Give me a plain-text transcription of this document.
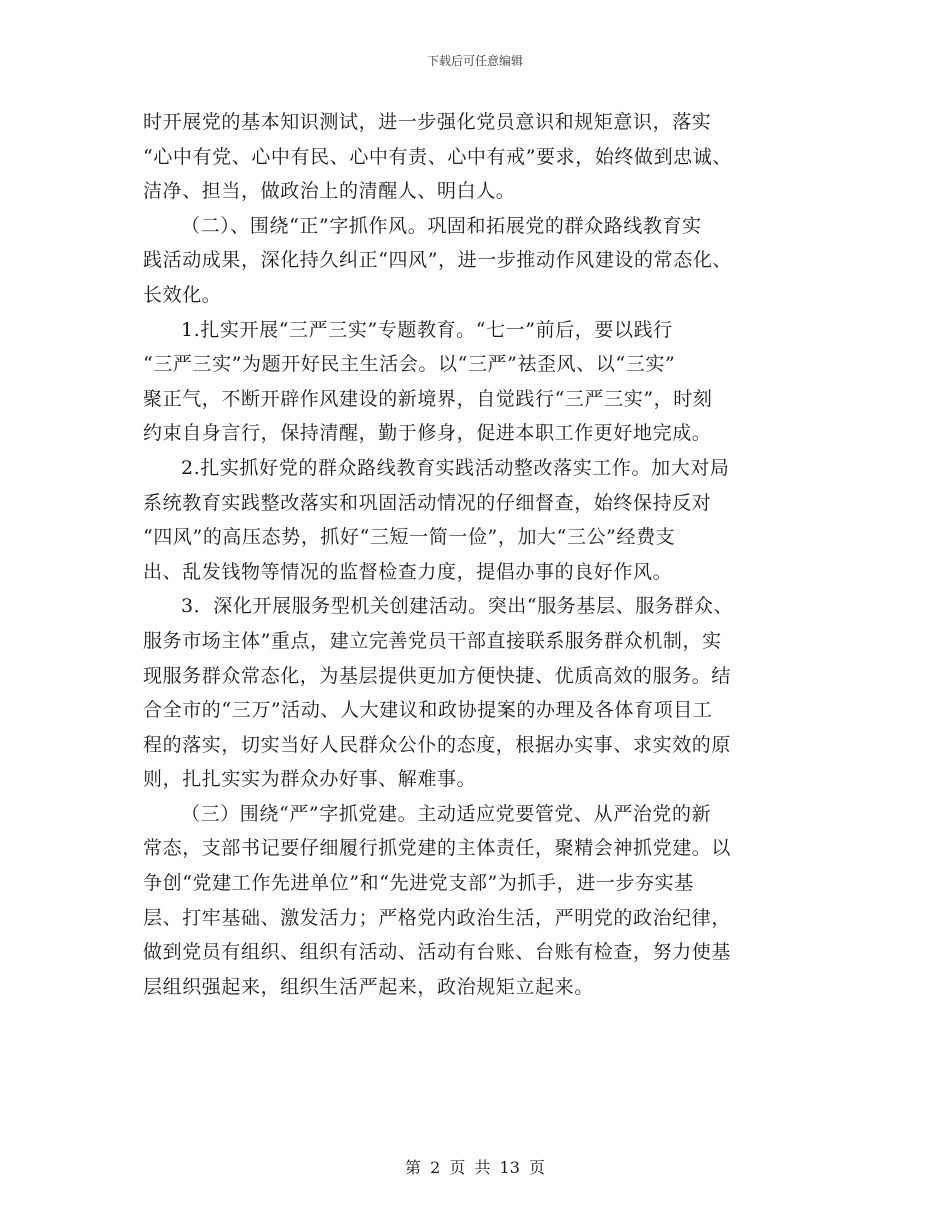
下载后可任意编辑
时开展党的基本知识测试，进一步强化党员意识和规矩意识，落实
“心中有党、心中有民、心中有责、心中有戒”要求，始终做到忠诚、
洁净、担当，做政治上的清醒人、明白人。
（二）、围绕“正”字抓作风。巩固和拓展党的群众路线教育实
践活动成果，深化持久纠正“四风”，进一步推动作风建设的常态化、
长效化。
1.扎实开展“三严三实”专题教育。“七一”前后，要以践行
“三严三实”为题开好民主生活会。以“三严”祛歪风、以“三实”
聚正气，不断开辟作风建设的新境界，自觉践行“三严三实”，时刻
约束自身言行，保持清醒，勤于修身，促进本职工作更好地完成。
2.扎实抓好党的群众路线教育实践活动整改落实工作。加大对局
系统教育实践整改落实和巩固活动情况的仔细督查，始终保持反对
“四风”的高压态势，抓好“三短一简一俭”，加大“三公”经费支
出、乱发钱物等情况的监督检查力度，提倡办事的良好作风。
3．深化开展服务型机关创建活动。突出“服务基层、服务群众、
服务市场主体”重点，建立完善党员干部直接联系服务群众机制，实
现服务群众常态化，为基层提供更加方便快捷、优质高效的服务。结
合全市的“三万”活动、人大建议和政协提案的办理及各体育项目工
程的落实，切实当好人民群众公仆的态度，根据办实事、求实效的原
则，扎扎实实为群众办好事、解难事。
（三）围绕“严”字抓党建。主动适应党要管党、从严治党的新
常态，支部书记要仔细履行抓党建的主体责任，聚精会神抓党建。以
争创“党建工作先进单位”和“先进党支部”为抓手，进一步夯实基
层、打牢基础、激发活力；严格党内政治生活，严明党的政治纪律，
做到党员有组织、组织有活动、活动有台账、台账有检查，努力使基
层组织强起来，组织生活严起来，政治规矩立起来。
第 2 页 共 13 页
